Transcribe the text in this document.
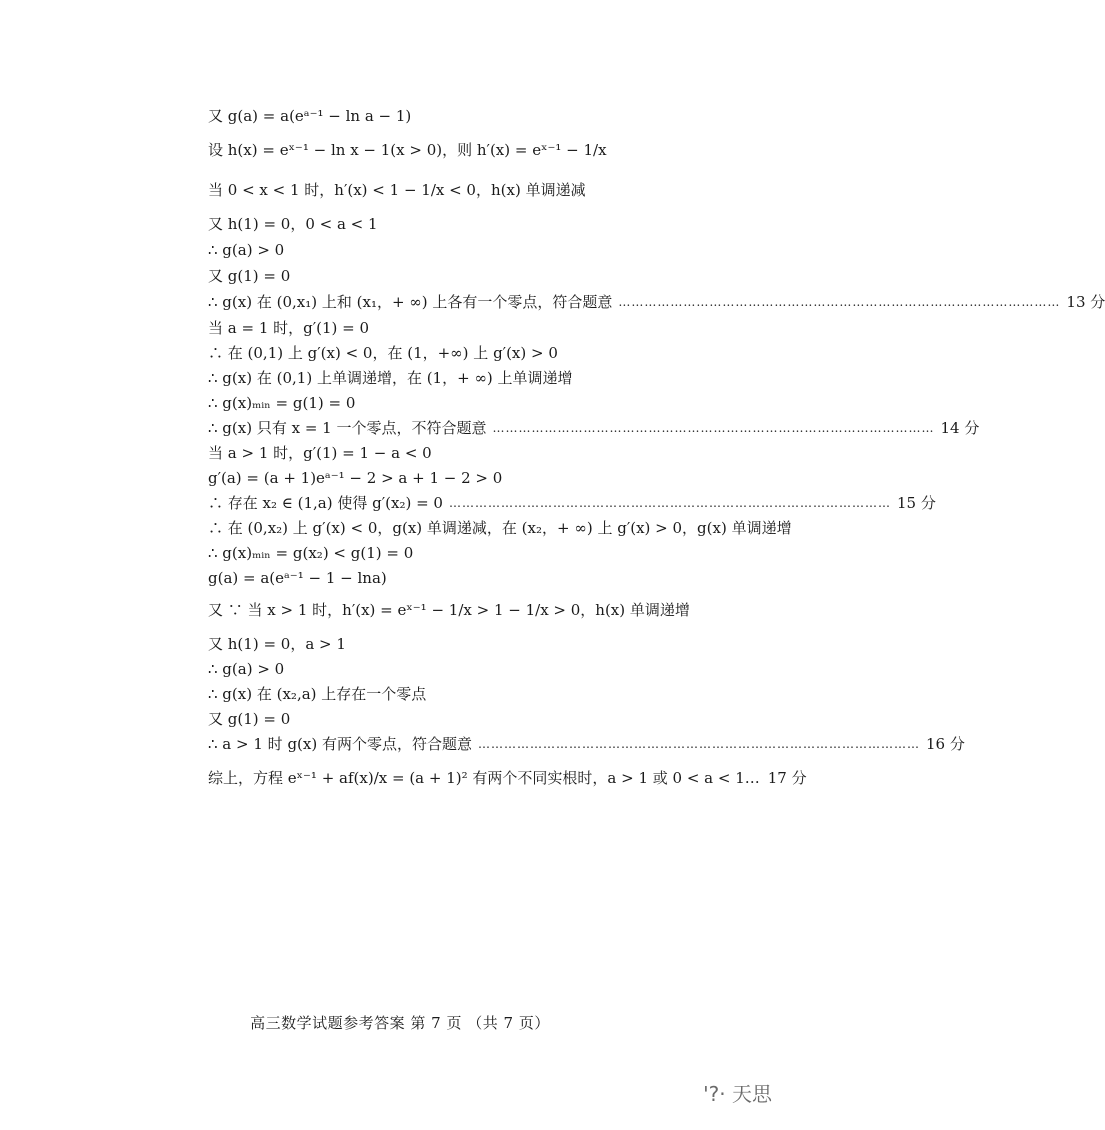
又 g(a) = a(eᵃ⁻¹ − ln a − 1)
设 h(x) = eˣ⁻¹ − ln x − 1(x > 0)，则 h′(x) = eˣ⁻¹ − 1/x
当 0 < x < 1 时，h′(x) < 1 − 1/x < 0，h(x) 单调递减
又 h(1) = 0，0 < a < 1
∴ g(a) > 0
又 g(1) = 0
∴ g(x) 在 (0,x₁) 上和 (x₁，+ ∞) 上各有一个零点，符合题意 ………………………………………………………………………………………… 13 分
当 a = 1 时，g′(1) = 0
∴ 在 (0,1) 上 g′(x) < 0，在 (1，+∞) 上 g′(x) > 0
∴ g(x) 在 (0,1) 上单调递增，在 (1，+ ∞) 上单调递增
∴ g(x)ₘᵢₙ = g(1) = 0
∴ g(x) 只有 x = 1 一个零点，不符合题意 ………………………………………………………………………………………… 14 分
当 a > 1 时，g′(1) = 1 − a < 0
g′(a) = (a + 1)eᵃ⁻¹ − 2 > a + 1 − 2 > 0
∴ 存在 x₂ ∈ (1,a) 使得 g′(x₂) = 0 ………………………………………………………………………………………… 15 分
∴ 在 (0,x₂) 上 g′(x) < 0，g(x) 单调递减，在 (x₂，+ ∞) 上 g′(x) > 0，g(x) 单调递增
∴ g(x)ₘᵢₙ = g(x₂) < g(1) = 0
g(a) = a(eᵃ⁻¹ − 1 − lna)
又 ∵ 当 x > 1 时，h′(x) = eˣ⁻¹ − 1/x > 1 − 1/x > 0，h(x) 单调递增
又 h(1) = 0，a > 1
∴ g(a) > 0
∴ g(x) 在 (x₂,a) 上存在一个零点
又 g(1) = 0
∴ a > 1 时 g(x) 有两个零点，符合题意 ………………………………………………………………………………………… 16 分
综上，方程 eˣ⁻¹ + af(x)/x = (a + 1)² 有两个不同实根时，a > 1 或 0 < a < 1… 17 分
高三数学试题参考答案 第 7 页 （共 7 页）
'?· 天思
